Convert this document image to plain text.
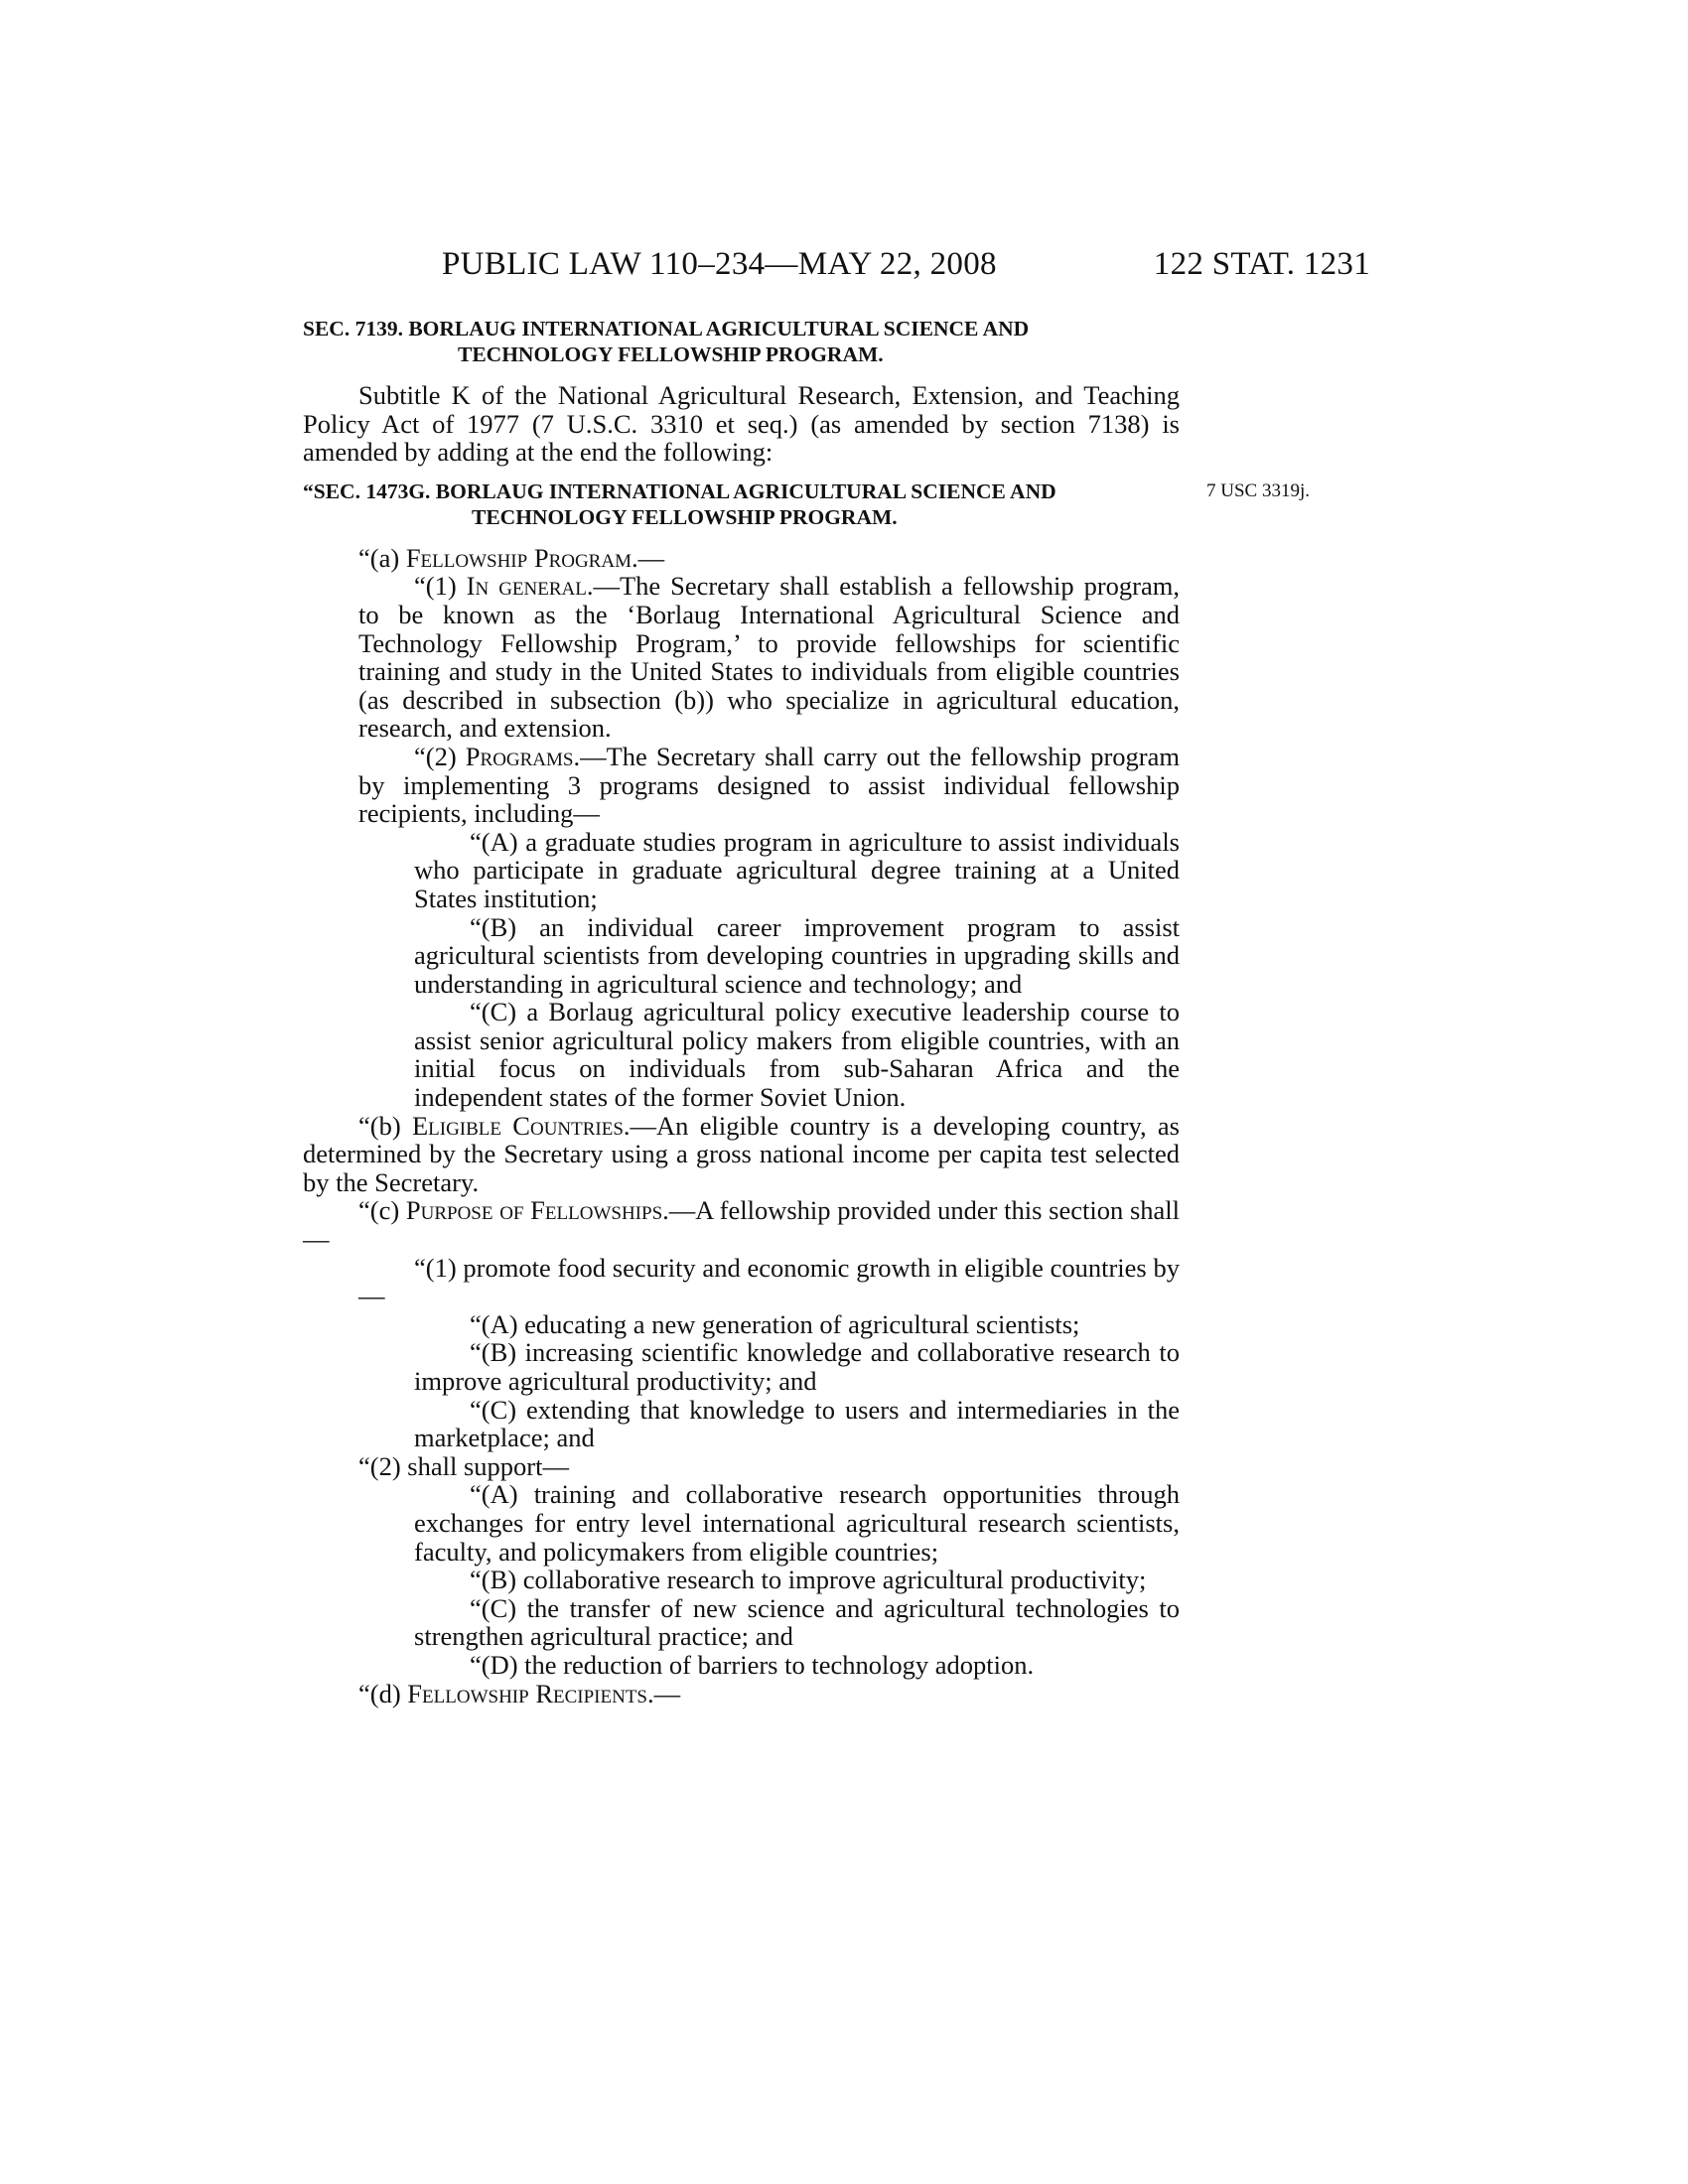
PUBLIC LAW 110–234—MAY 22, 2008	122 STAT. 1231
SEC. 7139. BORLAUG INTERNATIONAL AGRICULTURAL SCIENCE AND TECHNOLOGY FELLOWSHIP PROGRAM.

Subtitle K of the National Agricultural Research, Extension, and Teaching Policy Act of 1977 (7 U.S.C. 3310 et seq.) (as amended by section 7138) is amended by adding at the end the following:

“SEC. 1473G. BORLAUG INTERNATIONAL AGRICULTURAL SCIENCE AND TECHNOLOGY FELLOWSHIP PROGRAM.
7 USC 3319j.

“(a) Fellowship Program.—

“(1) In general.—The Secretary shall establish a fellowship program, to be known as the ‘Borlaug International Agricultural Science and Technology Fellowship Program,’ to provide fellowships for scientific training and study in the United States to individuals from eligible countries (as described in subsection (b)) who specialize in agricultural education, research, and extension.

“(2) Programs.—The Secretary shall carry out the fellowship program by implementing 3 programs designed to assist individual fellowship recipients, including—

“(A) a graduate studies program in agriculture to assist individuals who participate in graduate agricultural degree training at a United States institution;

“(B) an individual career improvement program to assist agricultural scientists from developing countries in upgrading skills and understanding in agricultural science and technology; and

“(C) a Borlaug agricultural policy executive leadership course to assist senior agricultural policy makers from eligible countries, with an initial focus on individuals from sub-Saharan Africa and the independent states of the former Soviet Union.

“(b) Eligible Countries.—An eligible country is a developing country, as determined by the Secretary using a gross national income per capita test selected by the Secretary.

“(c) Purpose of Fellowships.—A fellowship provided under this section shall—

“(1) promote food security and economic growth in eligible countries by—

“(A) educating a new generation of agricultural scientists;

“(B) increasing scientific knowledge and collaborative research to improve agricultural productivity; and

“(C) extending that knowledge to users and intermediaries in the marketplace; and

“(2) shall support—

“(A) training and collaborative research opportunities through exchanges for entry level international agricultural research scientists, faculty, and policymakers from eligible countries;

“(B) collaborative research to improve agricultural productivity;

“(C) the transfer of new science and agricultural technologies to strengthen agricultural practice; and

“(D) the reduction of barriers to technology adoption.

“(d) Fellowship Recipients.—
